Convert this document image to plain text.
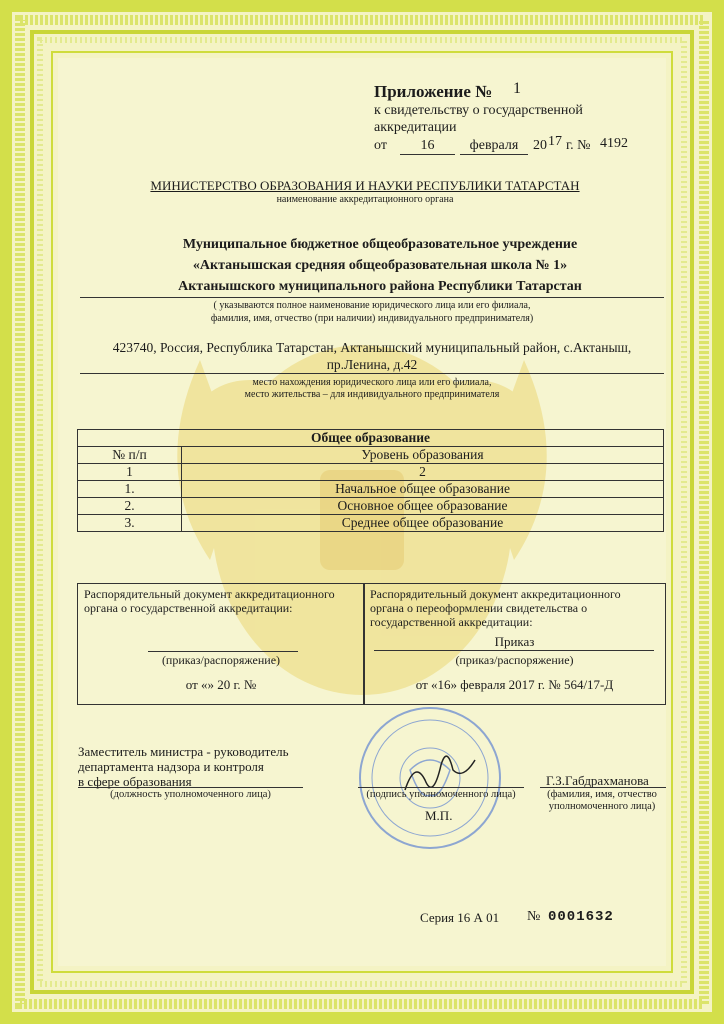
Приложение № 1
к свидетельству о государственной
аккредитации
от	16	февраля	20 17 г. № 4192
МИНИСТЕРСТВО ОБРАЗОВАНИЯ И НАУКИ РЕСПУБЛИКИ ТАТАРСТАН
наименование аккредитационного органа
Муниципальное бюджетное общеобразовательное учреждение
«Актанышская средняя общеобразовательная школа № 1»
Актанышского муниципального района Республики Татарстан
( указываются полное наименование юридического лица или его филиала,
фамилия, имя, отчество (при наличии) индивидуального предпринимателя)
423740, Россия, Республика Татарстан, Актанышский муниципальный район, с.Актаныш,
пр.Ленина, д.42
место нахождения юридического лица или его филиала,
место жительства – для индивидуального предпринимателя
Общее образование	
№ п/п	Уровень образования
1	2
1.	Начальное общее образование
2.	Основное общее образование
3.	Среднее общее образование
Распорядительный документ аккредитационного
органа о государственной аккредитации:
(приказ/распоряжение)
от «» 20 г. №
Распорядительный документ аккредитационного
органа о переоформлении свидетельства о
государственной аккредитации:
Приказ
(приказ/распоряжение)
от «16» февраля 2017 г. № 564/17-Д
Заместитель министра - руководитель
департамента надзора и контроля
в сфере образования
(должность уполномоченного лица)	(подпись уполномоченного лица)
М.П.
Г.З.Габдрахманова
(фамилия, имя, отчество
уполномоченного лица)
Серия 16 А 01 № 0001632
